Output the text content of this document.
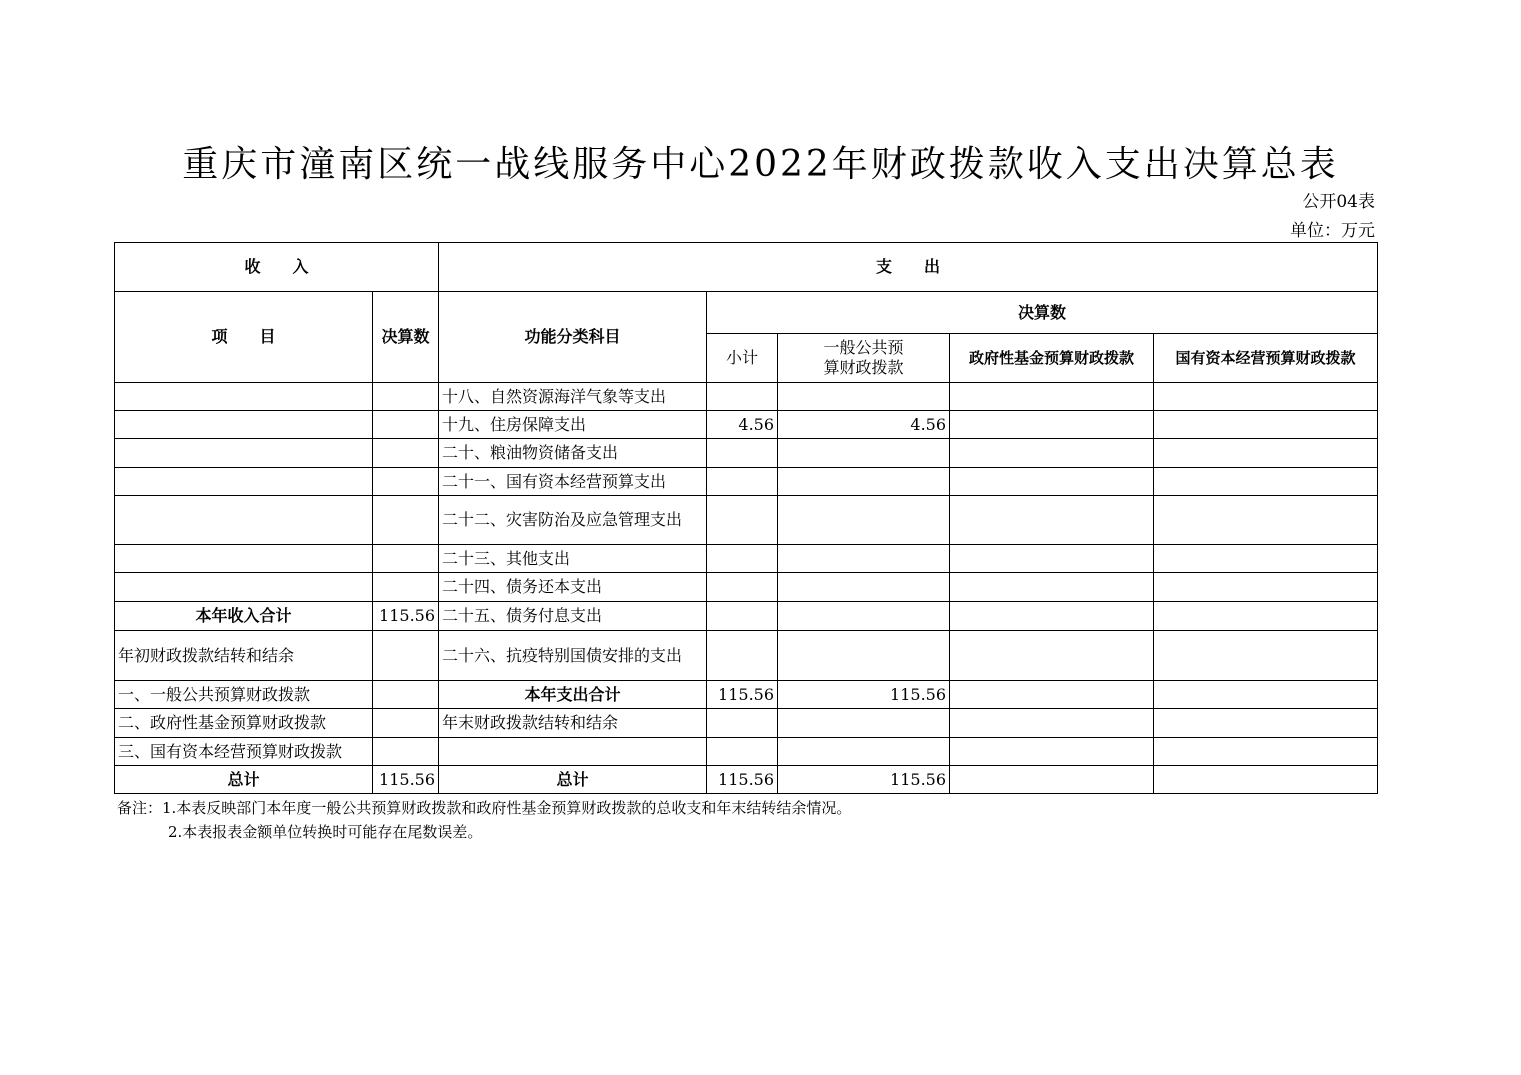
重庆市潼南区统一战线服务中心2022年财政拨款收入支出决算总表
公开04表
单位：万元
收　　入		支　　出				
项　　目	决算数	功能分类科目	决算数			
			小计	一般公共预算财政拨款	政府性基金预算财政拨款	国有资本经营预算财政拨款
		十八、自然资源海洋气象等支出				
		十九、住房保障支出	4.56	4.56		
		二十、粮油物资储备支出				
		二十一、国有资本经营预算支出				
		二十二、灾害防治及应急管理支出				
		二十三、其他支出				
		二十四、债务还本支出				
本年收入合计	115.56	二十五、债务付息支出				
年初财政拨款结转和结余		二十六、抗疫特别国债安排的支出				
一、一般公共预算财政拨款		本年支出合计	115.56	115.56		
二、政府性基金预算财政拨款		年末财政拨款结转和结余				
三、国有资本经营预算财政拨款						
总计	115.56	总计	115.56	115.56		
备注：1.本表反映部门本年度一般公共预算财政拨款和政府性基金预算财政拨款的总收支和年末结转结余情况。
2.本表报表金额单位转换时可能存在尾数误差。
